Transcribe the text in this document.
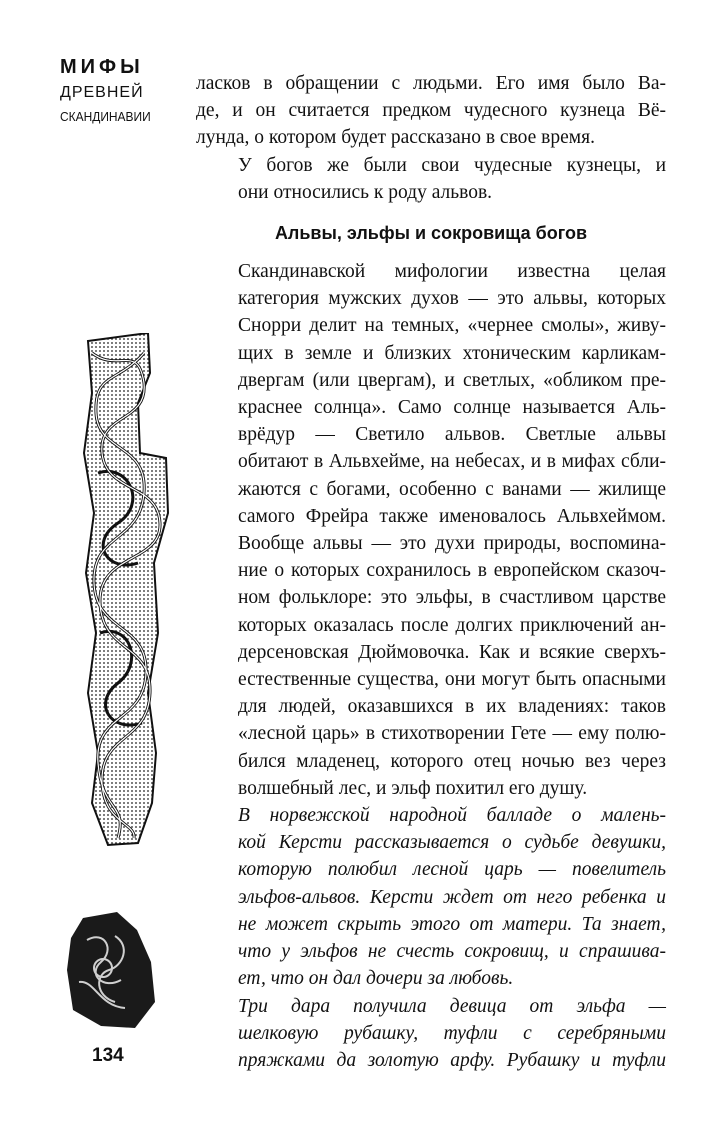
МИФЫ
ДРЕВНЕЙ
СКАНДИНАВИИ
134

ласков в обращении с людьми. Его имя было Ва-
де, и он считается предком чудесного кузнеца Вё-
лунда, о котором будет рассказано в свое время.

У богов же были свои чудесные кузнецы, и
они относились к роду альвов.

Альвы, эльфы и сокровища богов

Скандинавской мифологии известна целая
категория мужских духов — это альвы, которых
Снорри делит на темных, «чернее смолы», живу-
щих в земле и близких хтоническим карликам-
двергам (или цвергам), и светлых, «обликом пре-
краснее солнца». Само солнце называется Аль-
врёдур — Светило альвов. Светлые альвы
обитают в Альвхейме, на небесах, и в мифах сбли-
жаются с богами, особенно с ванами — жилище
самого Фрейра также именовалось Альвхеймом.
Вообще альвы — это духи природы, воспомина-
ние о которых сохранилось в европейском сказоч-
ном фольклоре: это эльфы, в счастливом царстве
которых оказалась после долгих приключений ан-
дерсеновская Дюймовочка. Как и всякие сверхъ-
естественные существа, они могут быть опасными
для людей, оказавшихся в их владениях: таков
«лесной царь» в стихотворении Гете — ему полю-
бился младенец, которого отец ночью вез через
волшебный лес, и эльф похитил его душу.

В норвежской народной балладе о малень-
кой Керсти рассказывается о судьбе девушки,
которую полюбил лесной царь — повелитель
эльфов-альвов. Керсти ждет от него ребенка и
не может скрыть этого от матери. Та знает,
что у эльфов не счесть сокровищ, и спрашива-
ет, что он дал дочери за любовь.

Три дара получила девица от эльфа —
шелковую рубашку, туфли с серебряными
пряжками да золотую арфу. Рубашку и туфли
